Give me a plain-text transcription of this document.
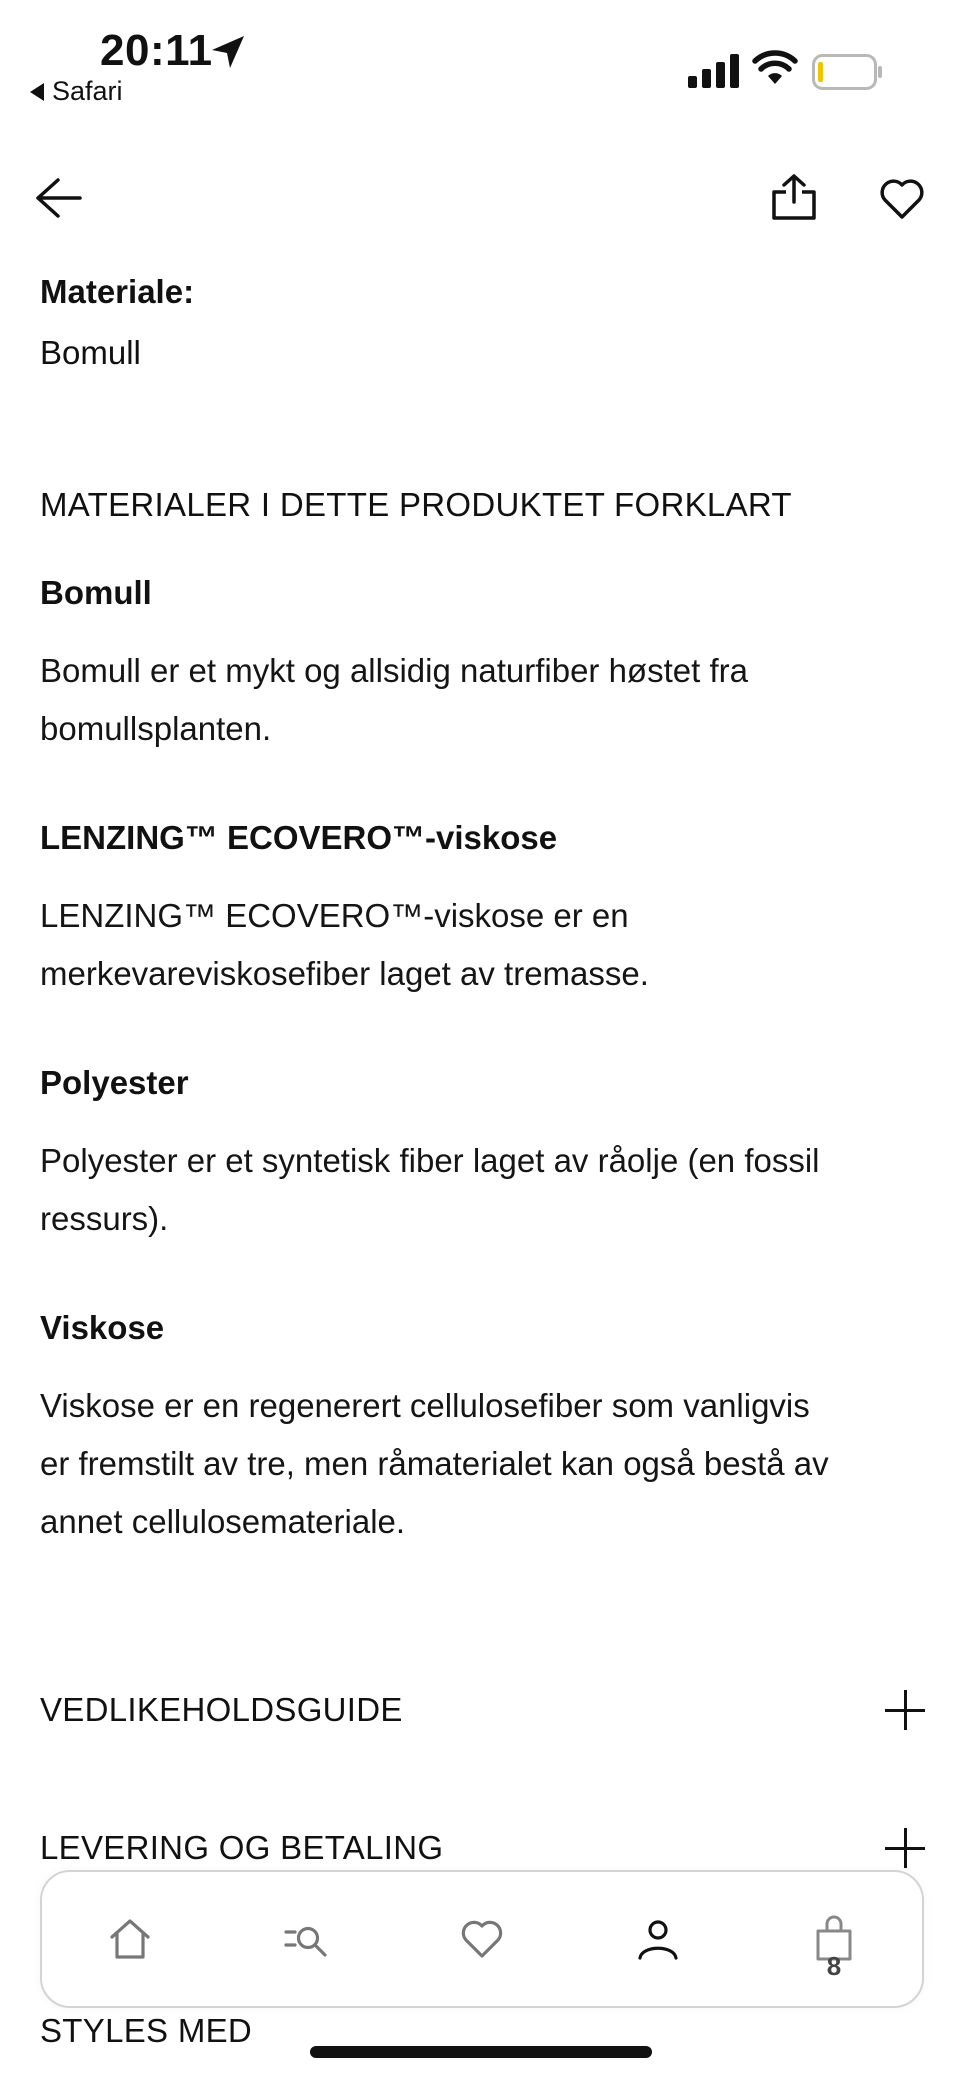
20:11
Safari
Materiale:
Bomull
MATERIALER I DETTE PRODUKTET FORKLART
Bomull
Bomull er et mykt og allsidig naturfiber høstet fra
bomullsplanten.
LENZING™ ECOVERO™-viskose
LENZING™ ECOVERO™-viskose er en
merkevareviskosefiber laget av tremasse.
Polyester
Polyester er et syntetisk fiber laget av råolje (en fossil
ressurs).
Viskose
Viskose er en regenerert cellulosefiber som vanligvis
er fremstilt av tre, men råmaterialet kan også bestå av
annet cellulosemateriale.
VEDLIKEHOLDSGUIDE
LEVERING OG BETALING
STYLES MED
8
